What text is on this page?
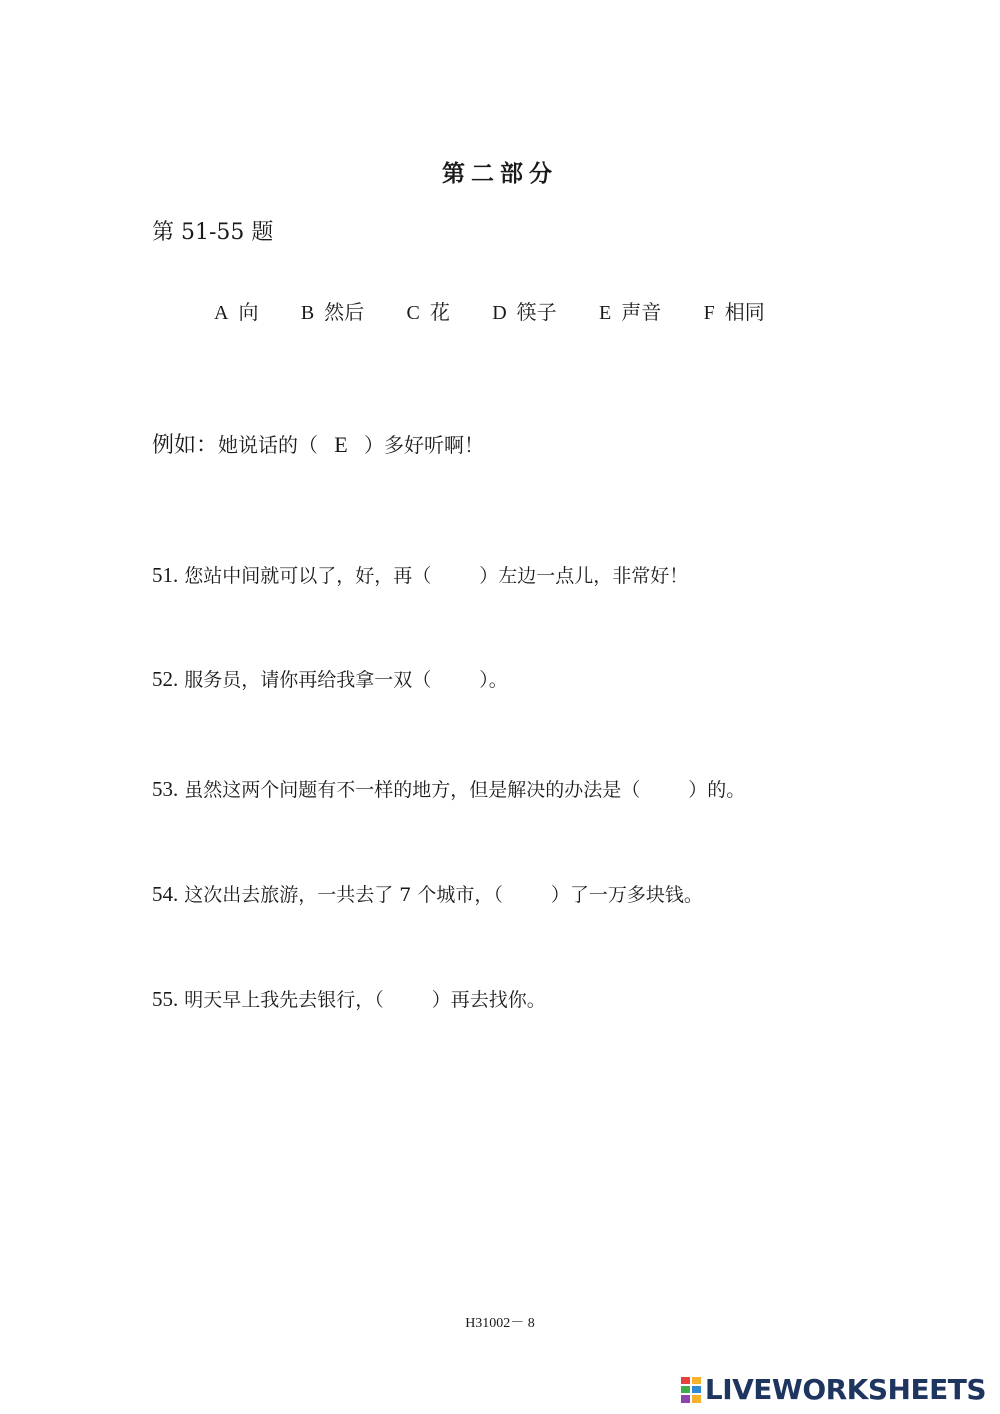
第二部分
第 51-55 题
A 向 B 然后 C 花 D 筷子 E 声音 F 相同
例如：她说话的（ E ）多好听啊！
51. 您站中间就可以了，好，再（	）左边一点儿，非常好！
52. 服务员，请你再给我拿一双（	）。
53. 虽然这两个问题有不一样的地方，但是解决的办法是（	）的。
54. 这次出去旅游，一共去了 7 个城市，（	）了一万多块钱。
55. 明天早上我先去银行，（	）再去找你。
H31002－ 8
LIVEWORKSHEETS
